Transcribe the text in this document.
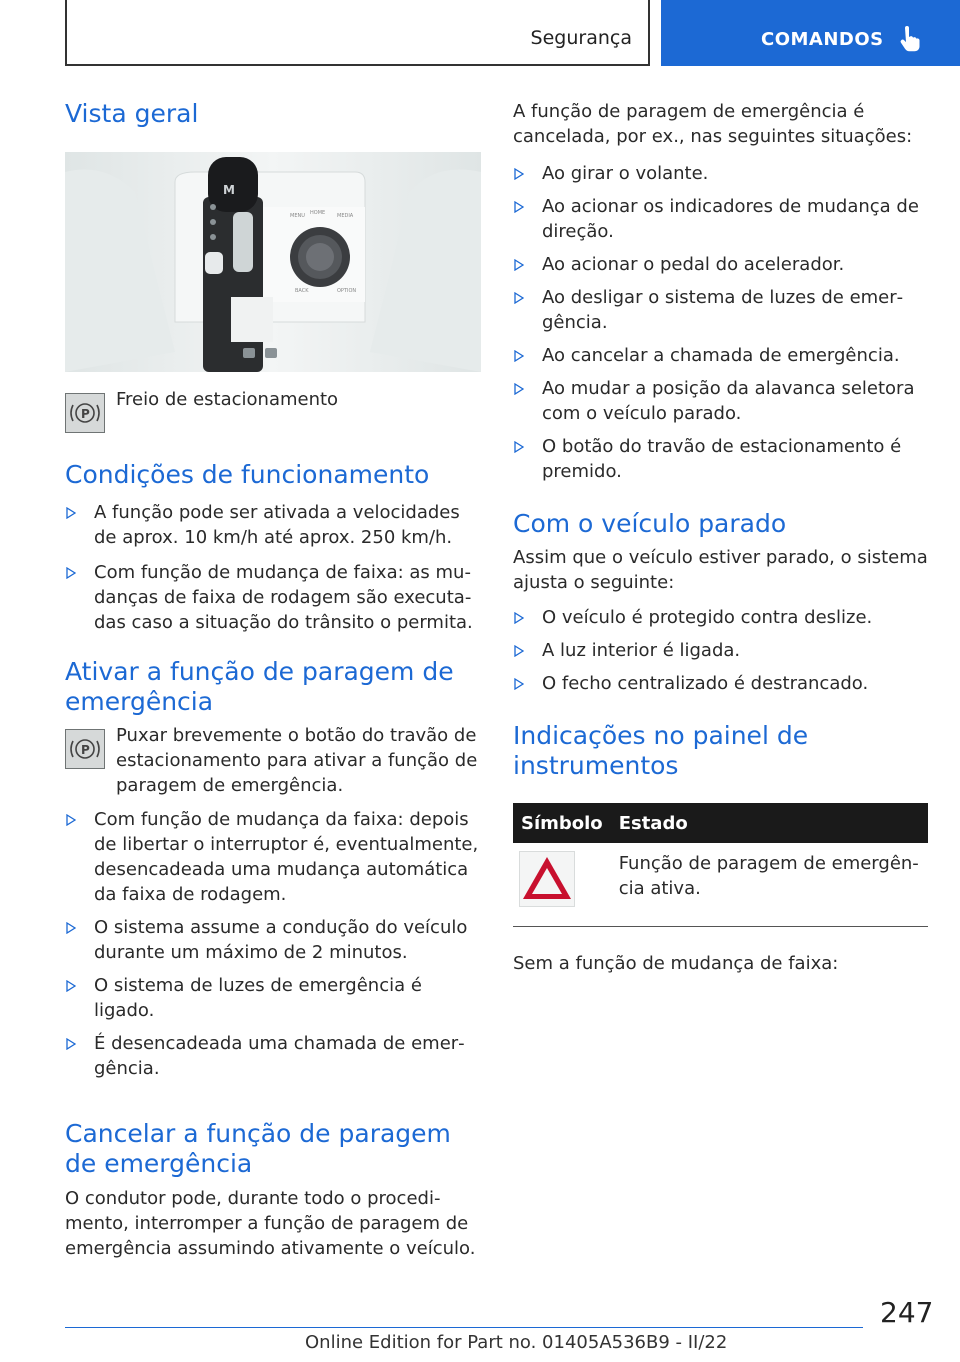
Segurança	COMANDOS
Vista geral
M
MENU HOME MEDIA
BACK	OPTION
P
Freio de estacionamento
Condições de funcionamento
A função pode ser ativada a velocidades de aprox. 10 km/h até aprox. 250 km/h.
Com função de mudança de faixa: as mudanças de faixa de rodagem são executadas caso a situação do trânsito o permita.
Ativar a função de paragem de emergência
P
Puxar brevemente o botão do travão de estacionamento para ativar a função de paragem de emergência.
Com função de mudança da faixa: depois de libertar o interruptor é, eventualmente, desencadeada uma mudança automática da faixa de rodagem.
O sistema assume a condução do veículo durante um máximo de 2 minutos.
O sistema de luzes de emergência é ligado.
É desencadeada uma chamada de emergência.
Cancelar a função de paragem de emergência

O condutor pode, durante todo o procedimento, interromper a função de paragem de emergência assumindo ativamente o veículo.

A função de paragem de emergência é cancelada, por ex., nas seguintes situações:

Ao girar o volante.
Ao acionar os indicadores de mudança de direção.
Ao acionar o pedal do acelerador.
Ao desligar o sistema de luzes de emergência.
Ao cancelar a chamada de emergência.
Ao mudar a posição da alavanca seletora com o veículo parado.
O botão do travão de estacionamento é premido.
Com o veículo parado

Assim que o veículo estiver parado, o sistema ajusta o seguinte:

O veículo é protegido contra deslize.
A luz interior é ligada.
O fecho centralizado é destrancado.
Indicações no painel de instrumentos
Símbolo	Estado
	Função de paragem de emergência ativa.

Sem a função de mudança de faixa:

247
Online Edition for Part no. 01405A536B9 - II/22
